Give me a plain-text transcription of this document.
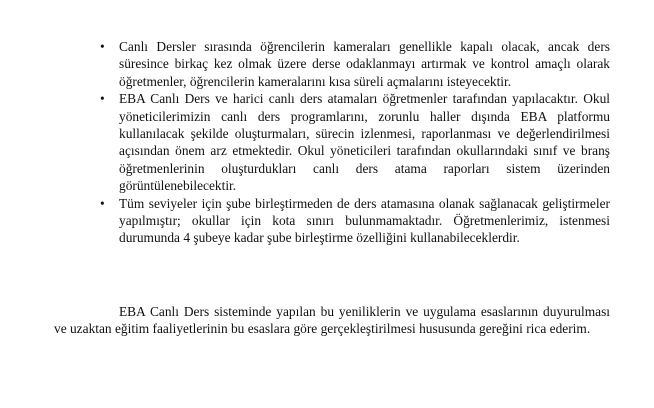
•	Canlı Dersler sırasında öğrencilerin kameraları genellikle kapalı olacak, ancak ders süresince birkaç kez olmak üzere derse odaklanmayı artırmak ve kontrol amaçlı olarak öğretmenler, öğrencilerin kameralarını kısa süreli açmalarını isteyecektir.
•	EBA Canlı Ders ve harici canlı ders atamaları öğretmenler tarafından yapılacaktır. Okul yöneticilerimizin canlı ders programlarını, zorunlu haller dışında EBA platformu kullanılacak şekilde oluşturmaları, sürecin izlenmesi, raporlanması ve değerlendirilmesi açısından önem arz etmektedir. Okul yöneticileri tarafından okullarındaki sınıf ve branş öğretmenlerinin oluşturdukları canlı ders atama raporları sistem üzerinden görüntülenebilecektir.
•	Tüm seviyeler için şube birleştirmeden de ders atamasına olanak sağlanacak geliştirmeler yapılmıştır; okullar için kota sınırı bulunmamaktadır. Öğretmenlerimiz, istenmesi durumunda 4 şubeye kadar şube birleştirme özelliğini kullanabileceklerdir.

EBA Canlı Ders sisteminde yapılan bu yeniliklerin ve uygulama esaslarının duyurulması ve uzaktan eğitim faaliyetlerinin bu esaslara göre gerçekleştirilmesi hususunda gereğini rica ederim.
